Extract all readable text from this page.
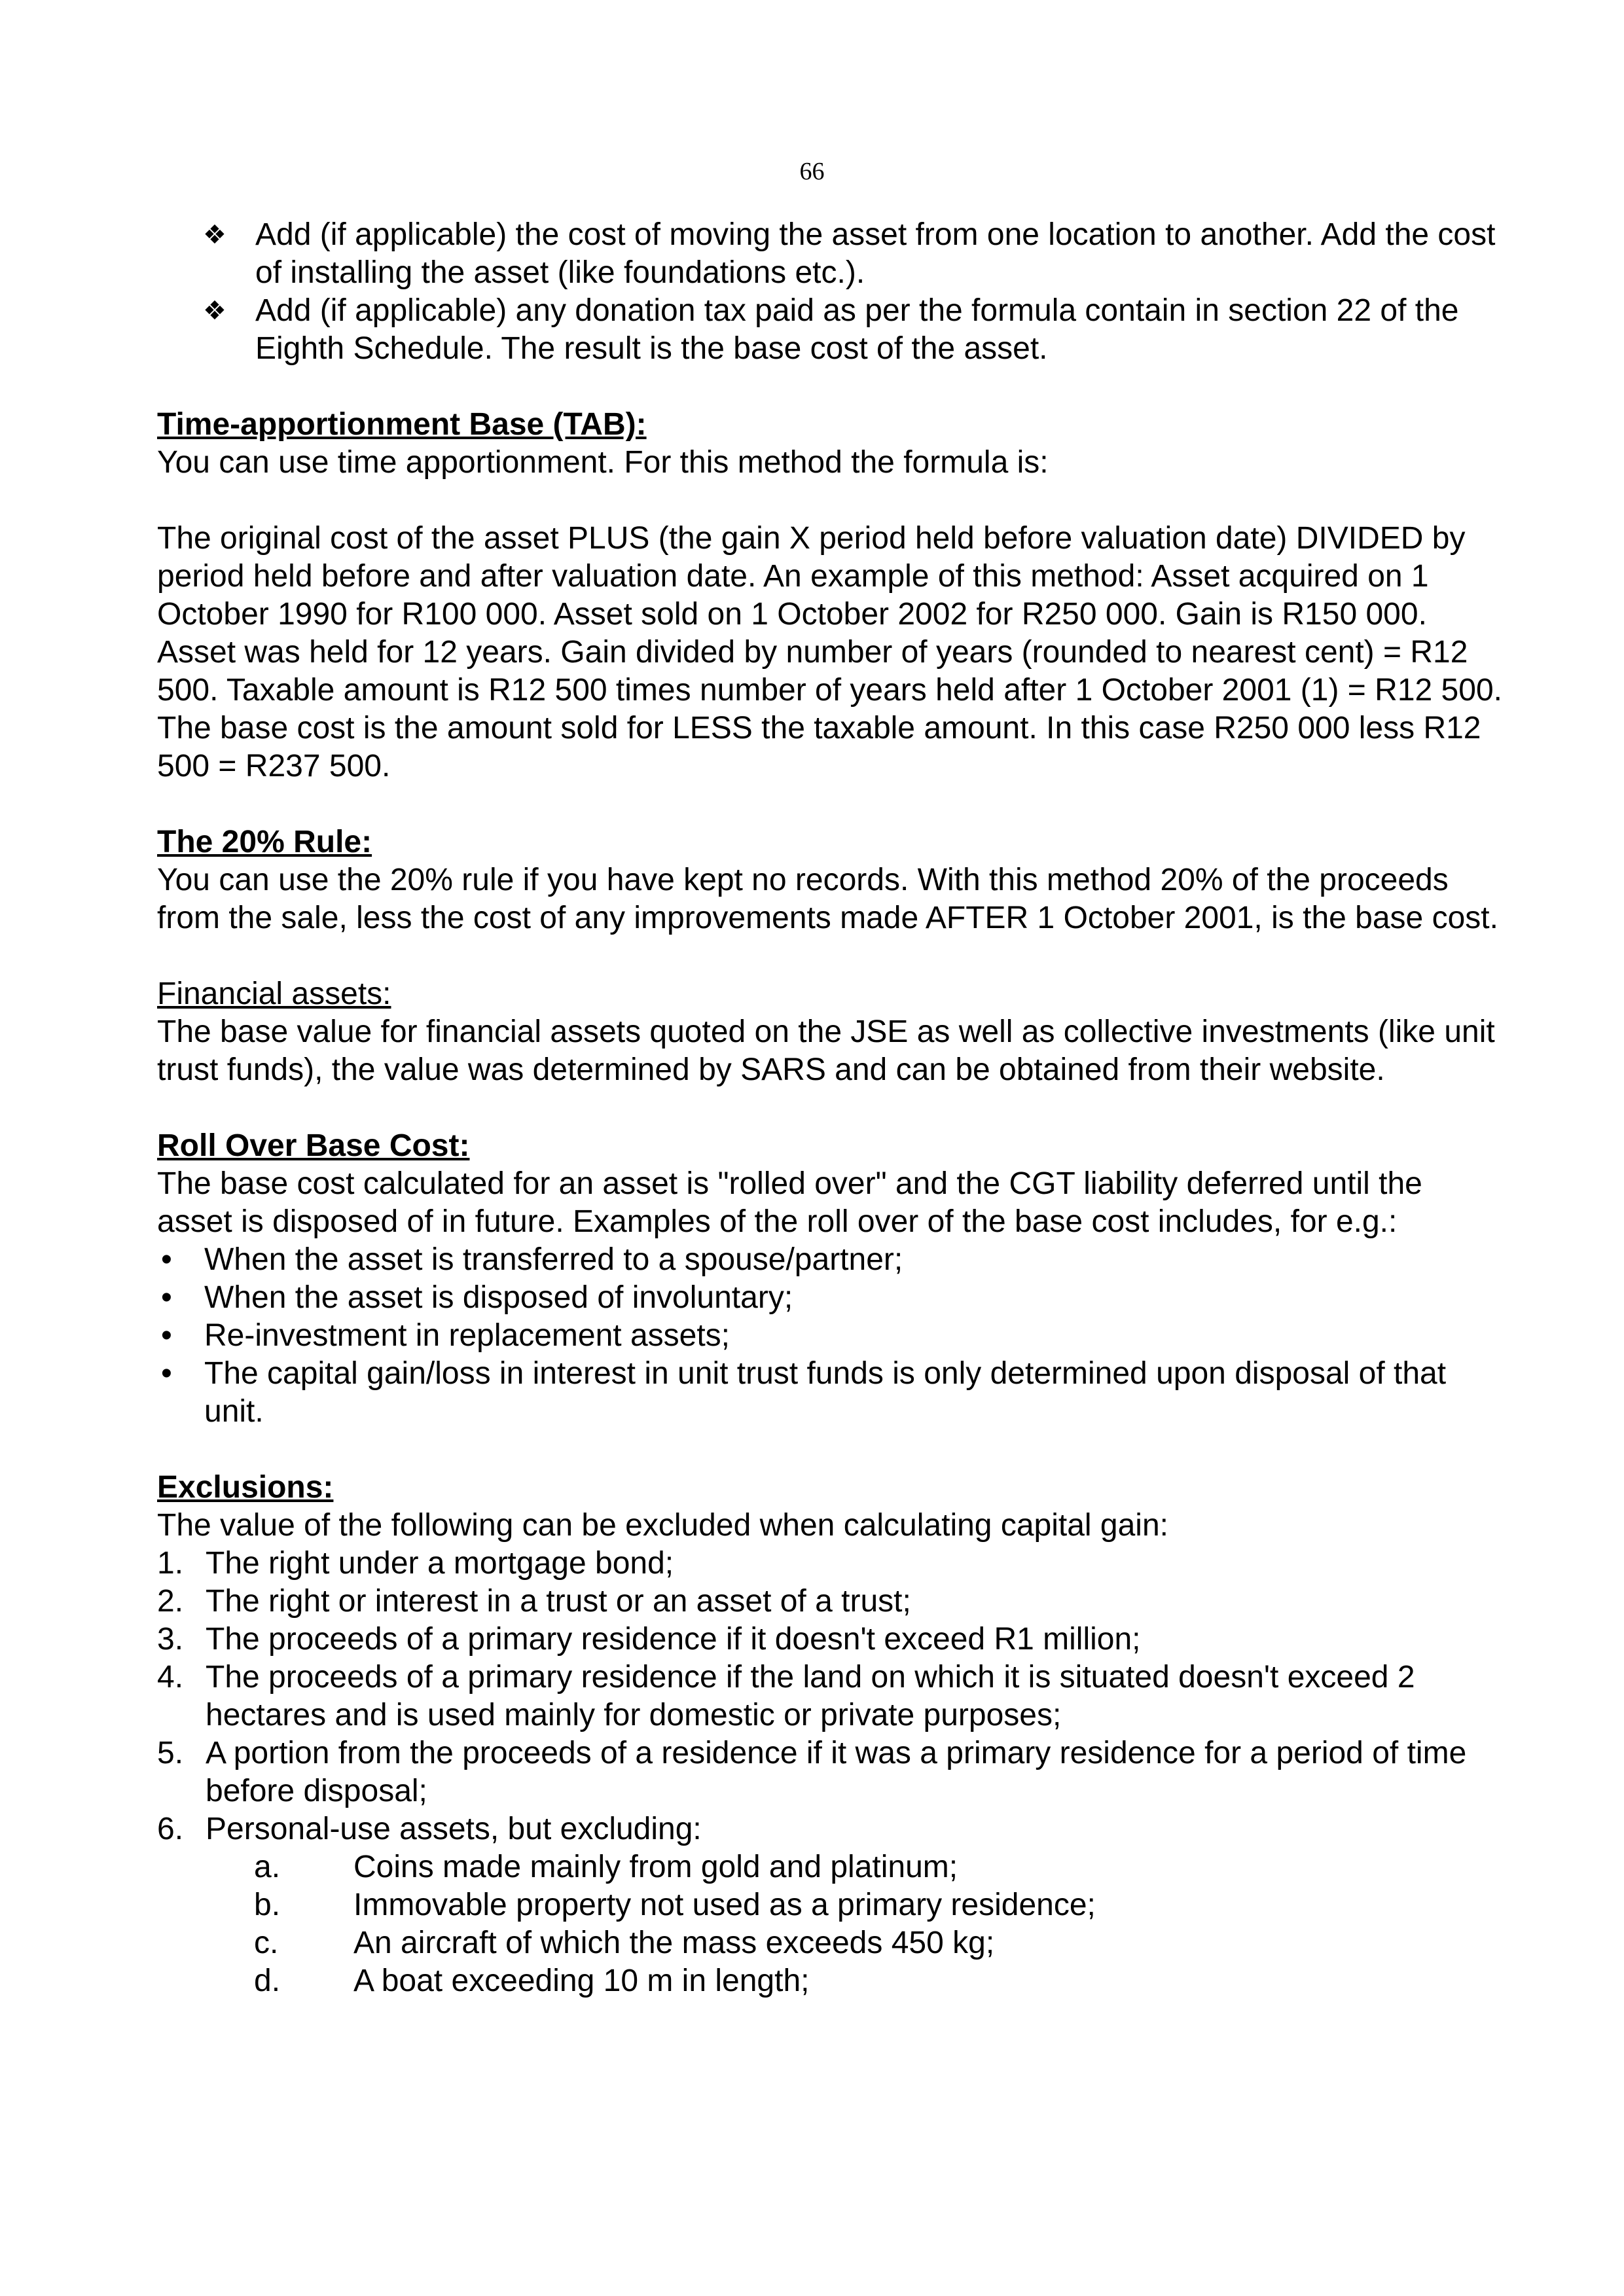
66
❖ Add (if applicable) the cost of moving the asset from one location to another. Add the cost of installing the asset (like foundations etc.).
❖ Add (if applicable) any donation tax paid as per the formula contain in section 22 of the Eighth Schedule. The result is the base cost of the asset.

Time-apportionment Base (TAB):

You can use time apportionment. For this method the formula is:

The original cost of the asset PLUS (the gain X period held before valuation date) DIVIDED by period held before and after valuation date. An example of this method: Asset acquired on 1 October 1990 for R100 000. Asset sold on 1 October 2002 for R250 000. Gain is R150 000. Asset was held for 12 years. Gain divided by number of years (rounded to nearest cent) = R12 500. Taxable amount is R12 500 times number of years held after 1 October 2001 (1) = R12 500. The base cost is the amount sold for LESS the taxable amount. In this case R250 000 less R12 500 = R237 500.

The 20% Rule:

You can use the 20% rule if you have kept no records. With this method 20% of the proceeds from the sale, less the cost of any improvements made AFTER 1 October 2001, is the base cost.

Financial assets:

The base value for financial assets quoted on the JSE as well as collective investments (like unit trust funds), the value was determined by SARS and can be obtained from their website.

Roll Over Base Cost:

The base cost calculated for an asset is "rolled over" and the CGT liability deferred until the asset is disposed of in future. Examples of the roll over of the base cost includes, for e.g.:

• When the asset is transferred to a spouse/partner;
• When the asset is disposed of involuntary;
• Re-investment in replacement assets;
• The capital gain/loss in interest in unit trust funds is only determined upon disposal of that unit.

Exclusions:

The value of the following can be excluded when calculating capital gain:

1. The right under a mortgage bond;
2. The right or interest in a trust or an asset of a trust;
3. The proceeds of a primary residence if it doesn't exceed R1 million;
4. The proceeds of a primary residence if the land on which it is situated doesn't exceed 2 hectares and is used mainly for domestic or private purposes;
5. A portion from the proceeds of a residence if it was a primary residence for a period of time before disposal;
6. Personal-use assets, but excluding:
a. Coins made mainly from gold and platinum;
b. Immovable property not used as a primary residence;
c. An aircraft of which the mass exceeds 450 kg;
d. A boat exceeding 10 m in length;
